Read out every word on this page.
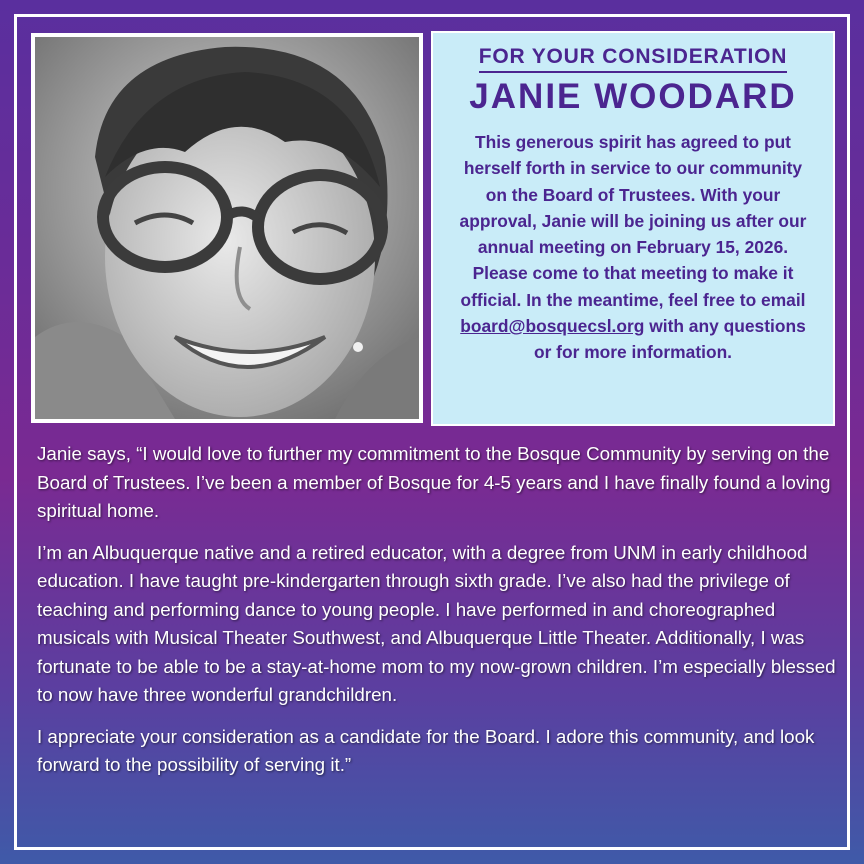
FOR YOUR CONSIDERATION
JANIE WOODARD
This generous spirit has agreed to put herself forth in service to our community on the Board of Trustees. With your approval, Janie will be joining us after our annual meeting on February 15, 2026. Please come to that meeting to make it official. In the meantime, feel free to email board@bosquecsl.org with any questions or for more information.

Janie says, “I would love to further my commitment to the Bosque Community by serving on the Board of Trustees. I’ve been a member of Bosque for 4-5 years and I have finally found a loving spiritual home.

I’m an Albuquerque native and a retired educator, with a degree from UNM in early childhood education. I have taught pre-kindergarten through sixth grade. I’ve also had the privilege of teaching and performing dance to young people. I have performed in and choreographed musicals with Musical Theater Southwest, and Albuquerque Little Theater. Additionally, I was fortunate to be able to be a stay-at-home mom to my now-grown children. I’m especially blessed to now have three wonderful grandchildren.

I appreciate your consideration as a candidate for the Board. I adore this community, and look forward to the possibility of serving it.”
